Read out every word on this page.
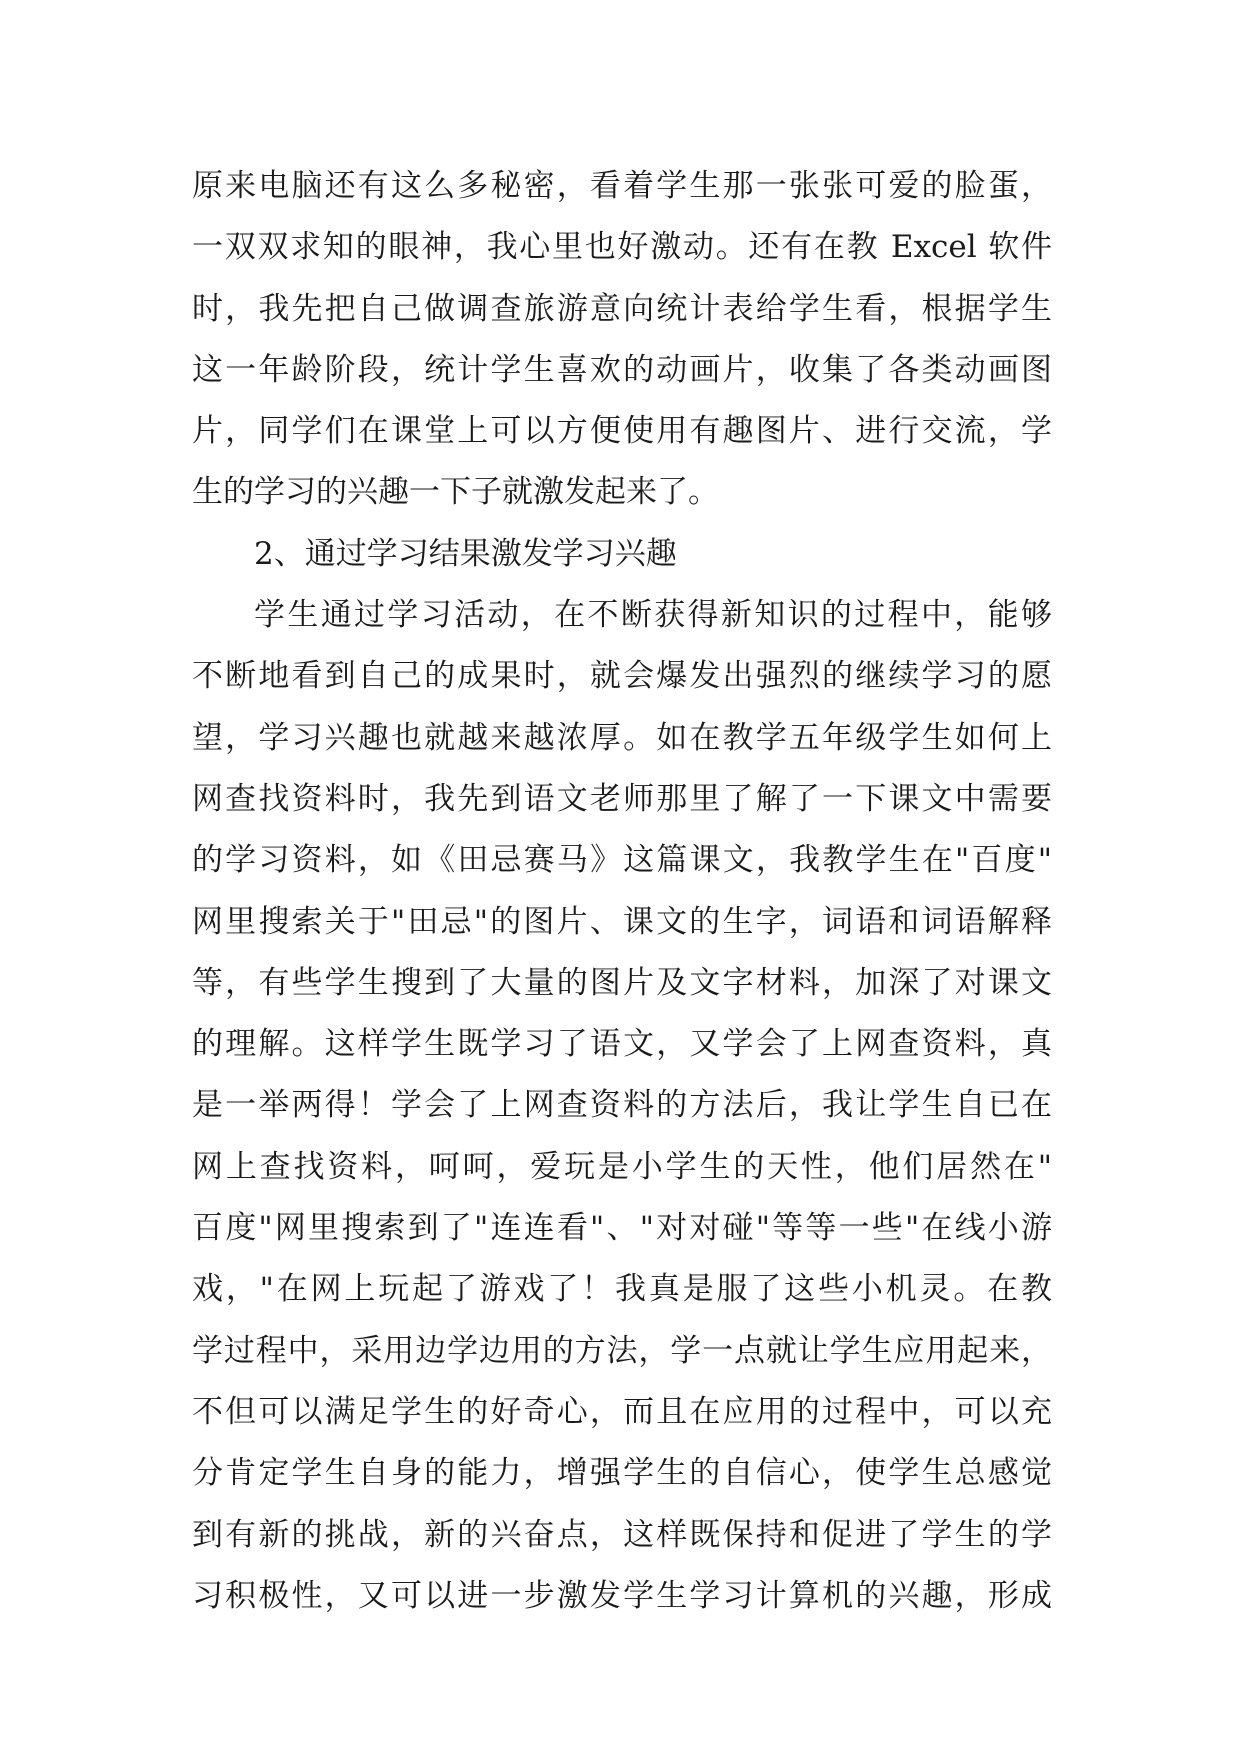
原来电脑还有这么多秘密，看着学生那一张张可爱的脸蛋，
一双双求知的眼神，我心里也好激动。还有在教 Excel 软件
时，我先把自己做调查旅游意向统计表给学生看，根据学生
这一年龄阶段，统计学生喜欢的动画片，收集了各类动画图
片，同学们在课堂上可以方便使用有趣图片、进行交流，学
生的学习的兴趣一下子就激发起来了。
2、通过学习结果激发学习兴趣
学生通过学习活动，在不断获得新知识的过程中，能够
不断地看到自己的成果时，就会爆发出强烈的继续学习的愿
望，学习兴趣也就越来越浓厚。如在教学五年级学生如何上
网查找资料时，我先到语文老师那里了解了一下课文中需要
的学习资料，如《田忌赛马》这篇课文，我教学生在"百度"
网里搜索关于"田忌"的图片、课文的生字，词语和词语解释
等，有些学生搜到了大量的图片及文字材料，加深了对课文
的理解。这样学生既学习了语文，又学会了上网查资料，真
是一举两得！学会了上网查资料的方法后，我让学生自已在
网上查找资料，呵呵，爱玩是小学生的天性，他们居然在"
百度"网里搜索到了"连连看"、"对对碰"等等一些"在线小游
戏，"在网上玩起了游戏了！我真是服了这些小机灵。在教
学过程中，采用边学边用的方法，学一点就让学生应用起来，
不但可以满足学生的好奇心，而且在应用的过程中，可以充
分肯定学生自身的能力，增强学生的自信心，使学生总感觉
到有新的挑战，新的兴奋点，这样既保持和促进了学生的学
习积极性，又可以进一步激发学生学习计算机的兴趣，形成
